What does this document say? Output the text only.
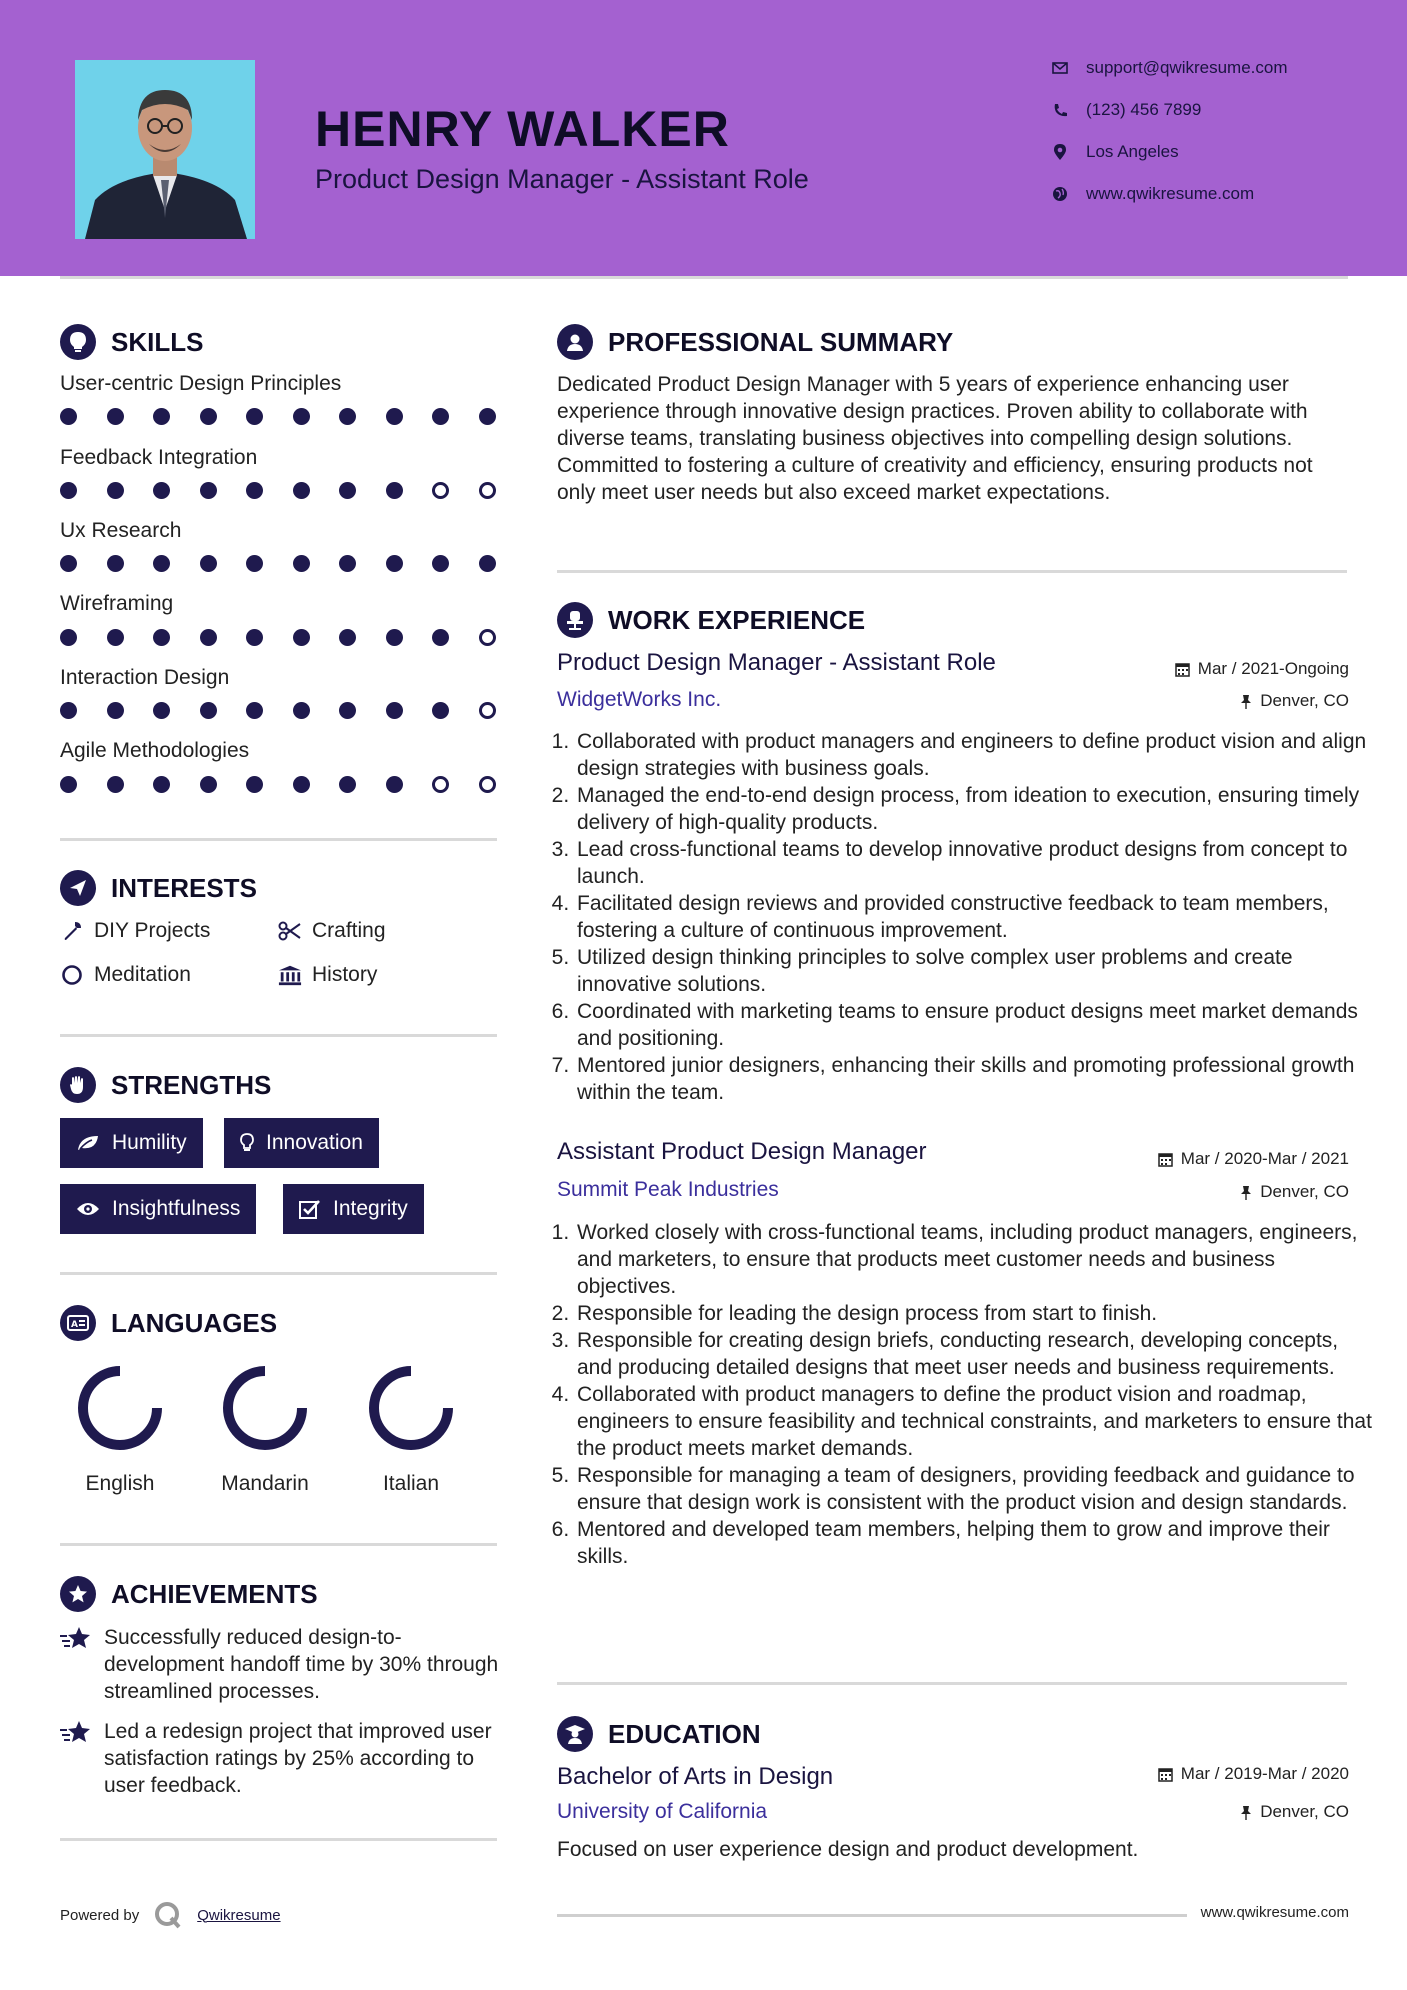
HENRY WALKER
Product Design Manager - Assistant Role
support@qwikresume.com
(123) 456 7899
Los Angeles
www.qwikresume.com
SKILLS
User-centric Design Principles
Feedback Integration
Ux Research
Wireframing
Interaction Design
Agile Methodologies
INTERESTS
DIY Projects	Crafting
Meditation	History
STRENGTHS
Humility	Innovation
Insightfulness	Integrity
A LANGUAGES
English	Mandarin	Italian
ACHIEVEMENTS
Successfully reduced design-to-development handoff time by 30% through streamlined processes.
Led a redesign project that improved user satisfaction ratings by 25% according to user feedback.
PROFESSIONAL SUMMARY

Dedicated Product Design Manager with 5 years of experience enhancing user experience through innovative design practices. Proven ability to collaborate with diverse teams, translating business objectives into compelling design solutions. Committed to fostering a culture of creativity and efficiency, ensuring products not only meet user needs but also exceed market expectations.

WORK EXPERIENCE
Product Design Manager - Assistant Role	Mar / 2021-Ongoing
WidgetWorks Inc.	Denver, CO
1. Collaborated with product managers and engineers to define product vision and align design strategies with business goals.
2. Managed the end-to-end design process, from ideation to execution, ensuring timely delivery of high-quality products.
3. Lead cross-functional teams to develop innovative product designs from concept to launch.
4. Facilitated design reviews and provided constructive feedback to team members, fostering a culture of continuous improvement.
5. Utilized design thinking principles to solve complex user problems and create innovative solutions.
6. Coordinated with marketing teams to ensure product designs meet market demands and positioning.
7. Mentored junior designers, enhancing their skills and promoting professional growth within the team.
Assistant Product Design Manager	Mar / 2020-Mar / 2021
Summit Peak Industries	Denver, CO
1. Worked closely with cross-functional teams, including product managers, engineers, and marketers, to ensure that products meet customer needs and business objectives.
2. Responsible for leading the design process from start to finish.
3. Responsible for creating design briefs, conducting research, developing concepts, and producing detailed designs that meet user needs and business requirements.
4. Collaborated with product managers to define the product vision and roadmap, engineers to ensure feasibility and technical constraints, and marketers to ensure that the product meets market demands.
5. Responsible for managing a team of designers, providing feedback and guidance to ensure that design work is consistent with the product vision and design standards.
6. Mentored and developed team members, helping them to grow and improve their skills.
EDUCATION
Bachelor of Arts in Design	Mar / 2019-Mar / 2020
University of California	Denver, CO

Focused on user experience design and product development.

Powered by	Qwikresume	www.qwikresume.com
